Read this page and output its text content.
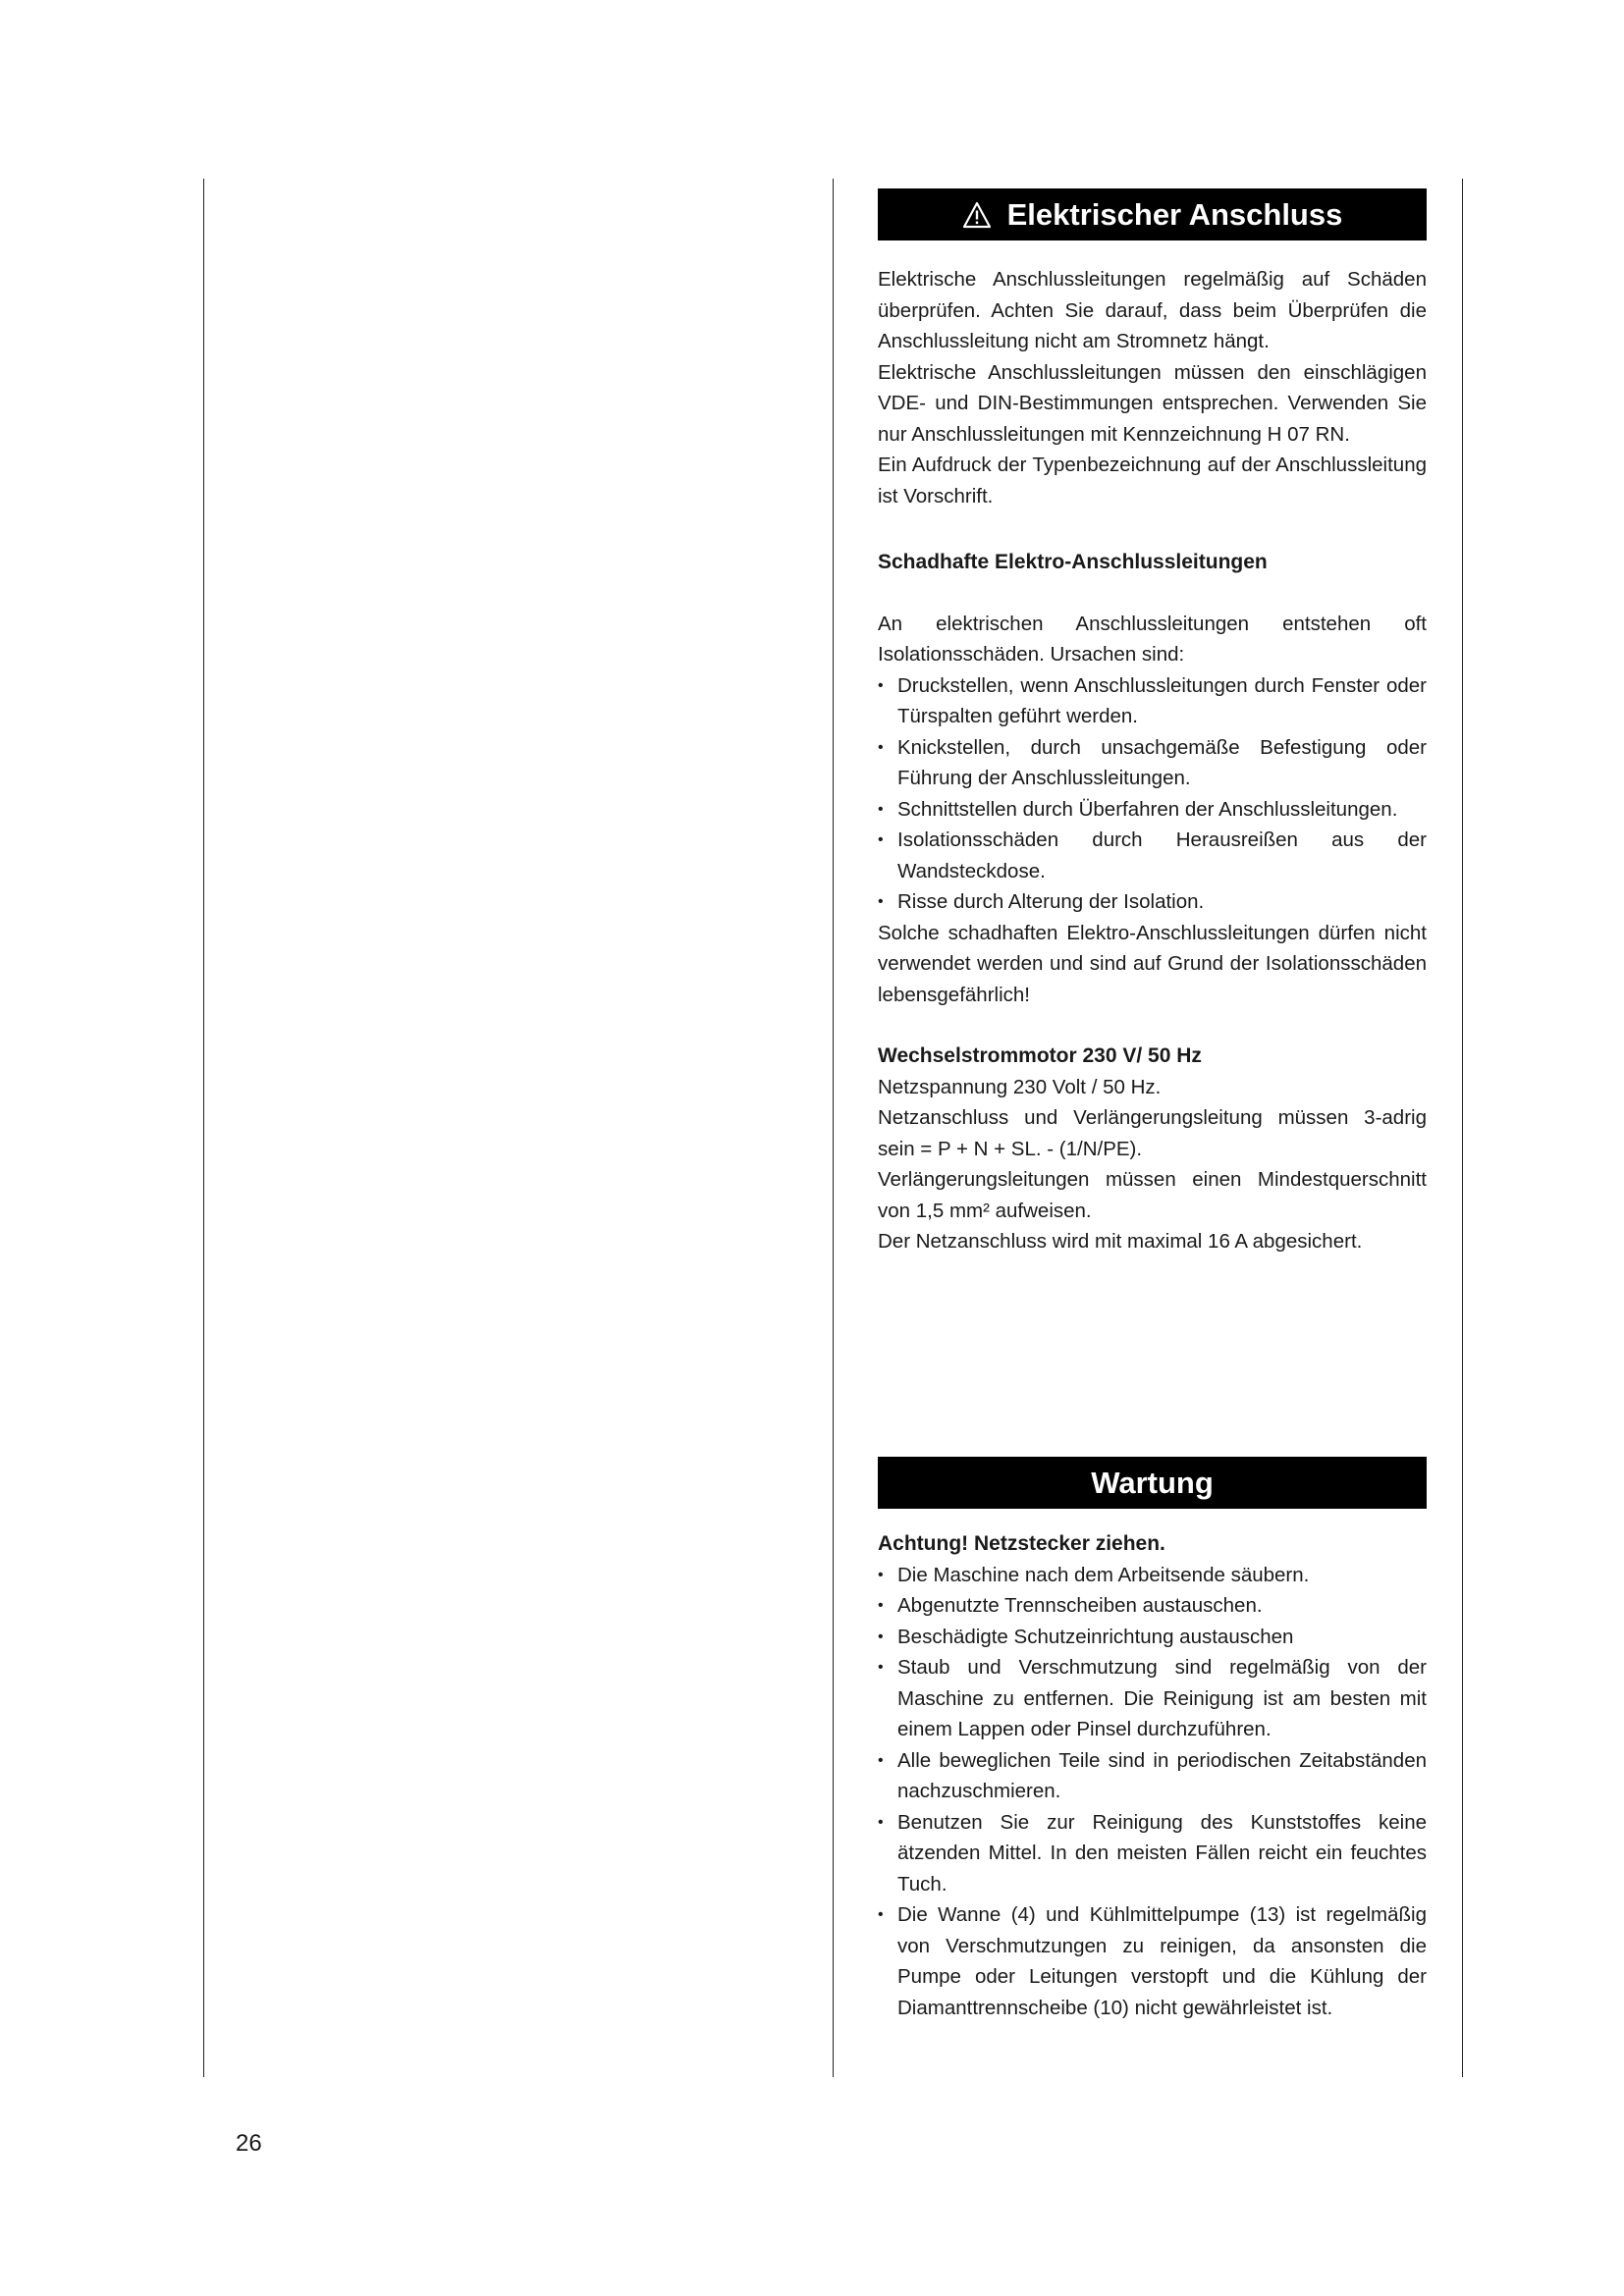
Elektrischer Anschluss

Elektrische Anschlussleitungen regelmäßig auf Schäden überprüfen. Achten Sie darauf, dass beim Überprüfen die Anschlussleitung nicht am Stromnetz hängt.

Elektrische Anschlussleitungen müssen den einschlägigen VDE- und DIN-Bestimmungen entsprechen. Verwenden Sie nur Anschlussleitungen mit Kennzeichnung H 07 RN.

Ein Aufdruck der Typenbezeichnung auf der Anschlussleitung ist Vorschrift.

Schadhafte Elektro-Anschlussleitungen

An elektrischen Anschlussleitungen entstehen oft Isolationsschäden. Ursachen sind:

• Druckstellen, wenn Anschlussleitungen durch Fenster oder Türspalten geführt werden.
• Knickstellen, durch unsachgemäße Befestigung oder Führung der Anschlussleitungen.
• Schnittstellen durch Überfahren der Anschlussleitungen.
• Isolationsschäden durch Herausreißen aus der Wandsteckdose.
• Risse durch Alterung der Isolation.

Solche schadhaften Elektro-Anschlussleitungen dürfen nicht verwendet werden und sind auf Grund der Isolationsschäden lebensgefährlich!

Wechselstrommotor 230 V/ 50 Hz

Netzspannung 230 Volt / 50 Hz.

Netzanschluss und Verlängerungsleitung müssen 3-adrig sein = P + N + SL. - (1/N/PE).

Verlängerungsleitungen müssen einen Mindestquerschnitt von 1,5 mm² aufweisen.

Der Netzanschluss wird mit maximal 16 A abgesichert.

Wartung
Achtung! Netzstecker ziehen.
• Die Maschine nach dem Arbeitsende säubern.
• Abgenutzte Trennscheiben austauschen.
• Beschädigte Schutzeinrichtung austauschen
• Staub und Verschmutzung sind regelmäßig von der Maschine zu entfernen. Die Reinigung ist am besten mit einem Lappen oder Pinsel durchzuführen.
• Alle beweglichen Teile sind in periodischen Zeitabständen nachzuschmieren.
• Benutzen Sie zur Reinigung des Kunststoffes keine ätzenden Mittel. In den meisten Fällen reicht ein feuchtes Tuch.
• Die Wanne (4) und Kühlmittelpumpe (13) ist regelmäßig von Verschmutzungen zu reinigen, da ansonsten die Pumpe oder Leitungen verstopft und die Kühlung der Diamanttrennscheibe (10) nicht gewährleistet ist.
26
